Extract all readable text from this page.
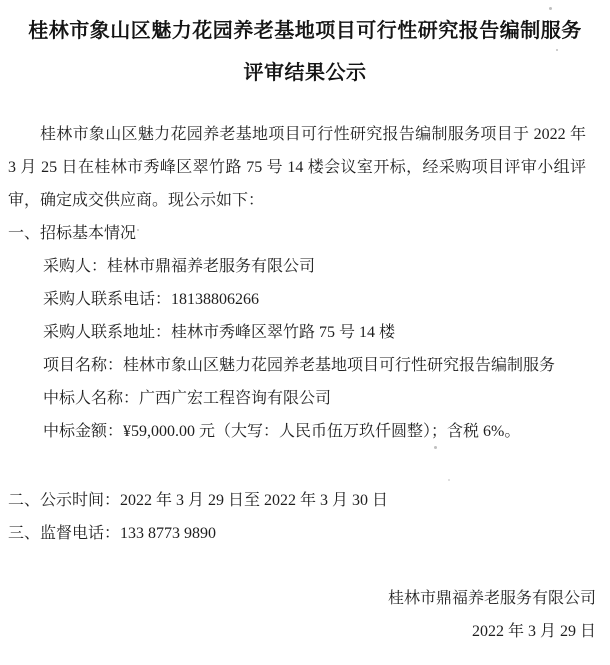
桂林市象山区魅力花园养老基地项目可行性研究报告编制服务
评审结果公示

桂林市象山区魅力花园养老基地项目可行性研究报告编制服务项目于 2022 年 3 月 25 日在桂林市秀峰区翠竹路 75 号 14 楼会议室开标，经采购项目评审小组评审，确定成交供应商。现公示如下：

一、招标基本情况
采购人：桂林市鼎福养老服务有限公司
采购人联系电话：18138806266
采购人联系地址：桂林市秀峰区翠竹路 75 号 14 楼
项目名称：桂林市象山区魅力花园养老基地项目可行性研究报告编制服务
中标人名称：广西广宏工程咨询有限公司
中标金额：¥59,000.00 元（大写：人民币伍万玖仟圆整）；含税 6%。
二、公示时间：2022 年 3 月 29 日至 2022 年 3 月 30 日
三、监督电话：133 8773 9890
桂林市鼎福养老服务有限公司
2022 年 3 月 29 日
